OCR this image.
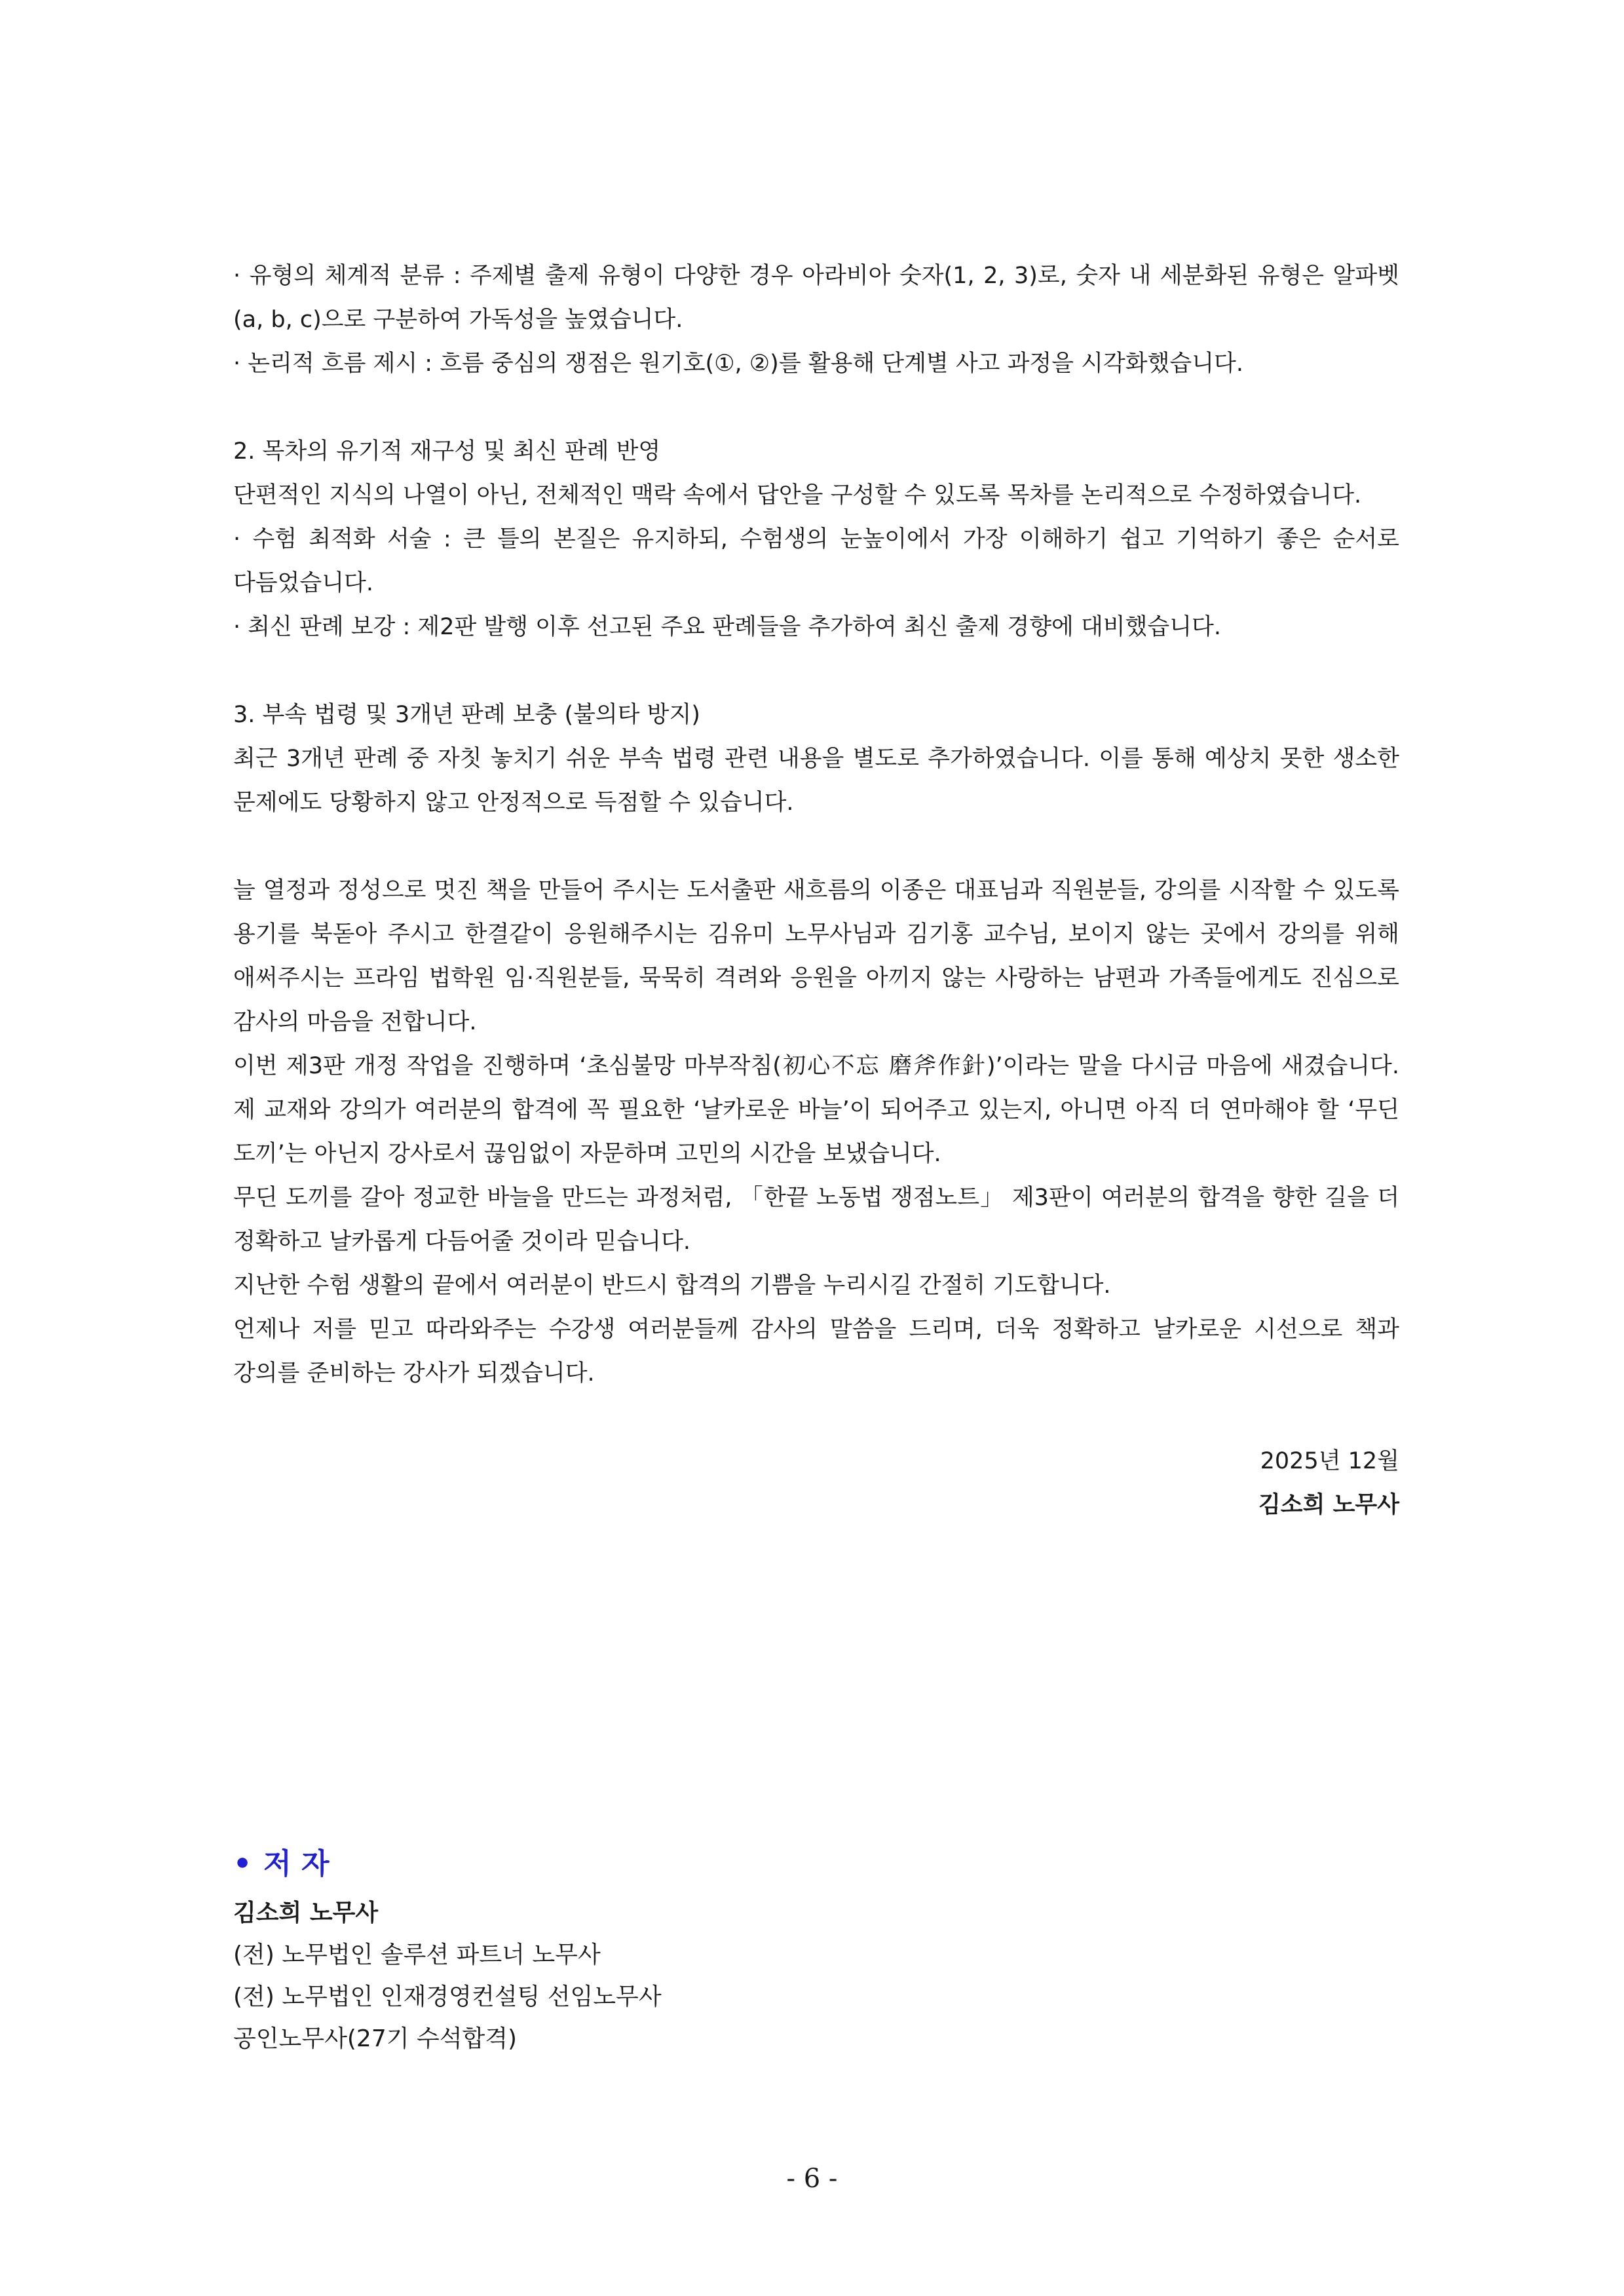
· 유형의 체계적 분류 : 주제별 출제 유형이 다양한 경우 아라비아 숫자(1, 2, 3)로, 숫자 내 세분화된 유형은 알파벳(a, b, c)으로 구분하여 가독성을 높였습니다.

· 논리적 흐름 제시 : 흐름 중심의 쟁점은 원기호(①, ②)를 활용해 단계별 사고 과정을 시각화했습니다.

2. 목차의 유기적 재구성 및 최신 판례 반영

단편적인 지식의 나열이 아닌, 전체적인 맥락 속에서 답안을 구성할 수 있도록 목차를 논리적으로 수정하였습니다.

· 수험 최적화 서술 : 큰 틀의 본질은 유지하되, 수험생의 눈높이에서 가장 이해하기 쉽고 기억하기 좋은 순서로 다듬었습니다.

· 최신 판례 보강 : 제2판 발행 이후 선고된 주요 판례들을 추가하여 최신 출제 경향에 대비했습니다.

3. 부속 법령 및 3개년 판례 보충 (불의타 방지)

최근 3개년 판례 중 자칫 놓치기 쉬운 부속 법령 관련 내용을 별도로 추가하였습니다. 이를 통해 예상치 못한 생소한 문제에도 당황하지 않고 안정적으로 득점할 수 있습니다.

늘 열정과 정성으로 멋진 책을 만들어 주시는 도서출판 새흐름의 이종은 대표님과 직원분들, 강의를 시작할 수 있도록 용기를 북돋아 주시고 한결같이 응원해주시는 김유미 노무사님과 김기홍 교수님, 보이지 않는 곳에서 강의를 위해 애써주시는 프라임 법학원 임·직원분들, 묵묵히 격려와 응원을 아끼지 않는 사랑하는 남편과 가족들에게도 진심으로 감사의 마음을 전합니다.

이번 제3판 개정 작업을 진행하며 ‘초심불망 마부작침(初心不忘 磨斧作針)’이라는 말을 다시금 마음에 새겼습니다. 제 교재와 강의가 여러분의 합격에 꼭 필요한 ‘날카로운 바늘’이 되어주고 있는지, 아니면 아직 더 연마해야 할 ‘무딘 도끼’는 아닌지 강사로서 끊임없이 자문하며 고민의 시간을 보냈습니다.

무딘 도끼를 갈아 정교한 바늘을 만드는 과정처럼, 「한끝 노동법 쟁점노트」 제3판이 여러분의 합격을 향한 길을 더 정확하고 날카롭게 다듬어줄 것이라 믿습니다.

지난한 수험 생활의 끝에서 여러분이 반드시 합격의 기쁨을 누리시길 간절히 기도합니다.

언제나 저를 믿고 따라와주는 수강생 여러분들께 감사의 말씀을 드리며, 더욱 정확하고 날카로운 시선으로 책과 강의를 준비하는 강사가 되겠습니다.

2025년 12월

김소희 노무사

• 저 자

김소희 노무사

(전) 노무법인 솔루션 파트너 노무사

(전) 노무법인 인재경영컨설팅 선임노무사

공인노무사(27기 수석합격)

- 6 -
